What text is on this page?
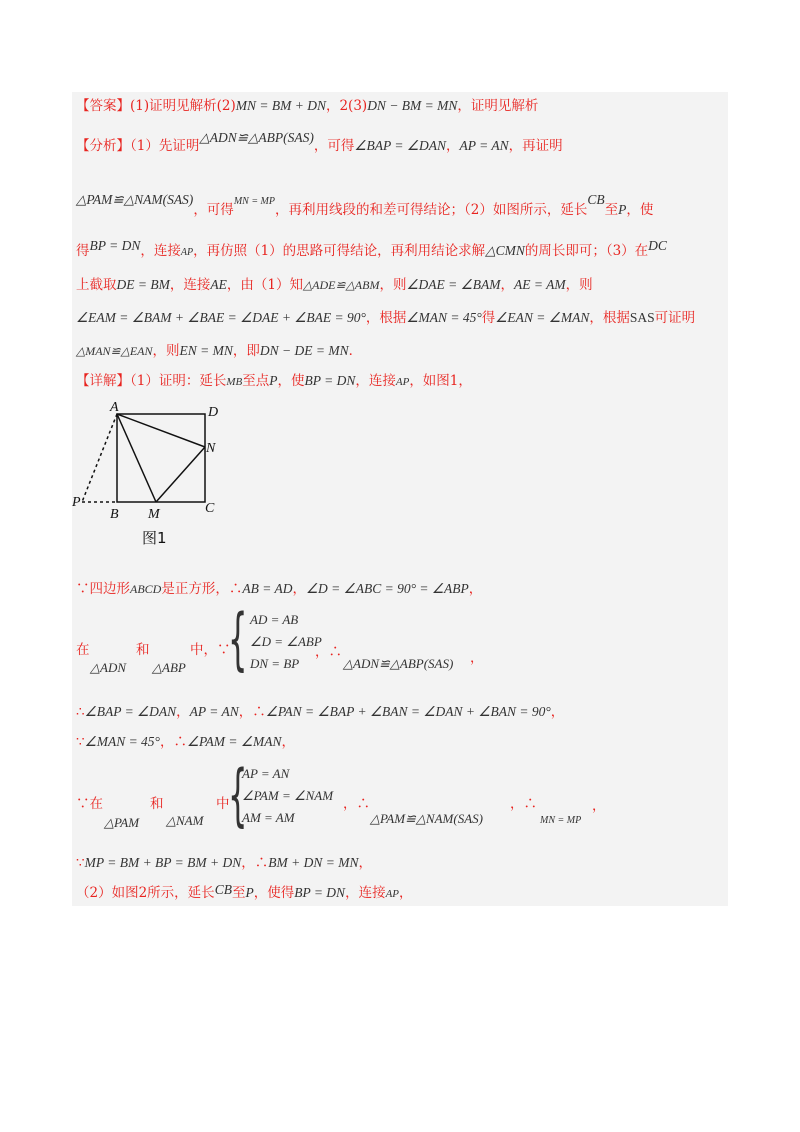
【答案】(1)证明见解析(2)MN = BM + DN，2(3)DN − BM = MN，证明见解析
【分析】（1）先证明△ADN≌△ABP(SAS)，可得∠BAP = ∠DAN，AP = AN，再证明
△PAM≌△NAM(SAS)，可得$^{MN = MP}$，再利用线段的和差可得结论；（2）如图所示，延长CB至P，使
得BP = DN，连接AP，再仿照（1）的思路可得结论，再利用结论求解△CMN的周长即可；（3）在DC
上截取DE = BM，连接AE，由（1）知△ADE≌△ABM，则∠DAE = ∠BAM，AE = AM，则
∠EAM = ∠BAM + ∠BAE = ∠DAE + ∠BAE = 90°，根据∠MAN = 45°得∠EAN = ∠MAN，根据SAS可证明
△MAN≌△EAN，则EN = MN，即DN − DE = MN．
【详解】（1）证明：延长MB至点P，使BP = DN，连接AP，如图1，
A	D
N
P
B M	C
图1
∵四边形ABCD是正方形，∴AB = AD，∠D = ∠ABC = 90° = ∠ABP，
在
△ADN
和
△ABP
中，∵
{ AD = AB
∠D = ∠ABP
DN = BP
，∴
△ADN≌△ABP(SAS) ，
∴∠BAP = ∠DAN，AP = AN，∴∠PAN = ∠BAP + ∠BAN = ∠DAN + ∠BAN = 90°，
∵∠MAN = 45°，∴∠PAM = ∠MAN，
∵在
△PAM
和
△NAM
中
{
AP = AN
∠PAM = ∠NAM
AM = AM
，∴
△PAM≌△NAM(SAS)
，∴
MN = MP
，
∵MP = BM + BP = BM + DN，∴BM + DN = MN，
（2）如图2所示，延长CB至P，使得BP = DN，连接AP，
